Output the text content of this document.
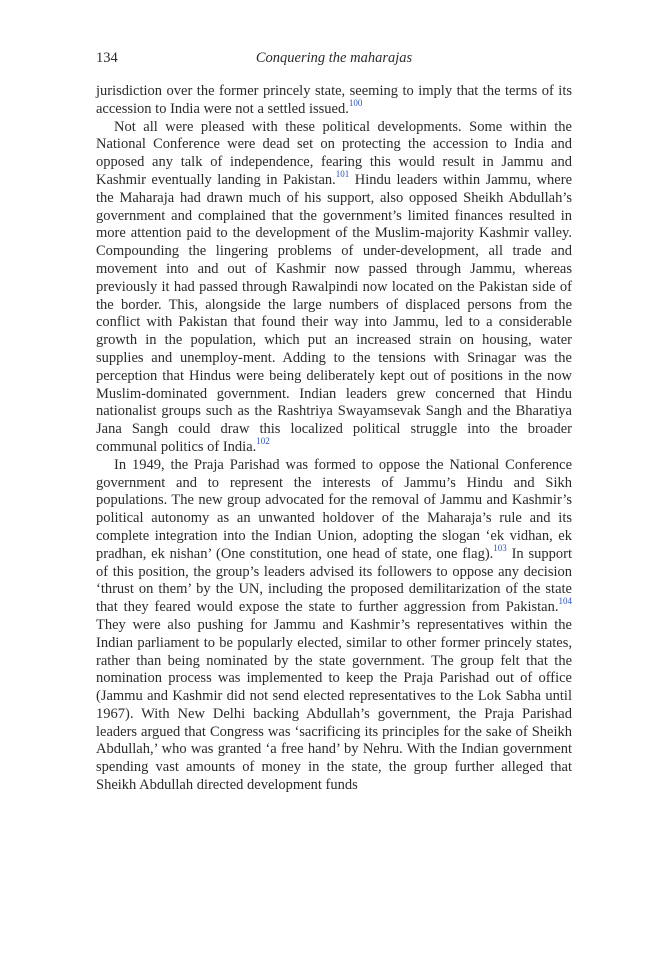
134	Conquering the maharajas

jurisdiction over the former princely state, seeming to imply that the terms of its accession to India were not a settled issued.$^{100}$

Not all were pleased with these political developments. Some within the National Conference were dead set on protecting the accession to India and opposed any talk of independence, fearing this would result in Jammu and Kashmir eventually landing in Pakistan.$^{101}$ Hindu leaders within Jammu, where the Maharaja had drawn much of his support, also opposed Sheikh Abdullah’s government and complained that the government’s limited finances resulted in more attention paid to the development of the Muslim-majority Kashmir valley. Compounding the lingering problems of under-development, all trade and movement into and out of Kashmir now passed through Jammu, whereas previously it had passed through Rawalpindi now located on the Pakistan side of the border. This, alongside the large numbers of displaced persons from the conflict with Pakistan that found their way into Jammu, led to a considerable growth in the population, which put an increased strain on housing, water supplies and unemploy-ment. Adding to the tensions with Srinagar was the perception that Hindus were being deliberately kept out of positions in the now Muslim-dominated government. Indian leaders grew concerned that Hindu nationalist groups such as the Rashtriya Swayamsevak Sangh and the Bharatiya Jana Sangh could draw this localized political struggle into the broader communal politics of India.$^{102}$

In 1949, the Praja Parishad was formed to oppose the National Conference government and to represent the interests of Jammu’s Hindu and Sikh populations. The new group advocated for the removal of Jammu and Kashmir’s political autonomy as an unwanted holdover of the Maharaja’s rule and its complete integration into the Indian Union, adopting the slogan ‘ek vidhan, ek pradhan, ek nishan’ (One constitution, one head of state, one flag).$^{103}$ In support of this position, the group’s leaders advised its followers to oppose any decision ‘thrust on them’ by the UN, including the proposed demilitarization of the state that they feared would expose the state to further aggression from Pakistan.$^{104}$ They were also pushing for Jammu and Kashmir’s representatives within the Indian parliament to be popularly elected, similar to other former princely states, rather than being nominated by the state government. The group felt that the nomination process was implemented to keep the Praja Parishad out of office (Jammu and Kashmir did not send elected representatives to the Lok Sabha until 1967). With New Delhi backing Abdullah’s government, the Praja Parishad leaders argued that Congress was ‘sacrificing its principles for the sake of Sheikh Abdullah,’ who was granted ‘a free hand’ by Nehru. With the Indian government spending vast amounts of money in the state, the group further alleged that Sheikh Abdullah directed development funds
